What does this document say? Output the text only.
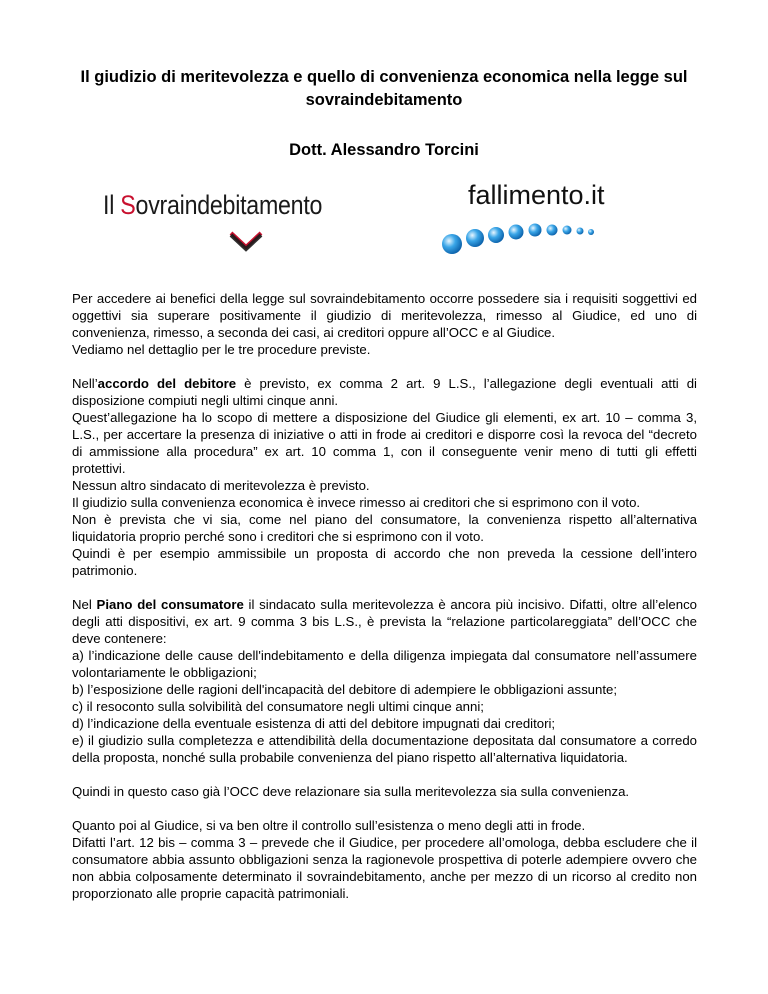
Il giudizio di meritevolezza e quello di convenienza economica nella legge sul sovraindebitamento
Dott. Alessandro Torcini
Il Sovraindebitamento	fallimento.it

Per accedere ai benefici della legge sul sovraindebitamento occorre possedere sia i requisiti soggettivi ed oggettivi sia superare positivamente il giudizio di meritevolezza, rimesso al Giudice, ed uno di convenienza, rimesso, a seconda dei casi, ai creditori oppure all’OCC e al Giudice.
Vediamo nel dettaglio per le tre procedure previste.

Nell’accordo del debitore è previsto, ex comma 2 art. 9 L.S., l’allegazione degli eventuali atti di disposizione compiuti negli ultimi cinque anni.
Quest’allegazione ha lo scopo di mettere a disposizione del Giudice gli elementi, ex art. 10 – comma 3, L.S., per accertare la presenza di iniziative o atti in frode ai creditori e disporre così la revoca del “decreto di ammissione alla procedura” ex art. 10 comma 1, con il conseguente venir meno di tutti gli effetti protettivi.
Nessun altro sindacato di meritevolezza è previsto.
Il giudizio sulla convenienza economica è invece rimesso ai creditori che si esprimono con il voto.
Non è prevista che vi sia, come nel piano del consumatore, la convenienza rispetto all’alternativa liquidatoria proprio perché sono i creditori che si esprimono con il voto.
Quindi è per esempio ammissibile un proposta di accordo che non preveda la cessione dell’intero patrimonio.

Nel Piano del consumatore il sindacato sulla meritevolezza è ancora più incisivo. Difatti, oltre all’elenco degli atti dispositivi, ex art. 9 comma 3 bis L.S., è prevista la “relazione particolareggiata” dell’OCC che deve contenere:
a) l’indicazione delle cause dell'indebitamento e della diligenza impiegata dal consumatore nell’assumere volontariamente le obbligazioni;
b) l’esposizione delle ragioni dell'incapacità del debitore di adempiere le obbligazioni assunte;
c) il resoconto sulla solvibilità del consumatore negli ultimi cinque anni;
d) l’indicazione della eventuale esistenza di atti del debitore impugnati dai creditori;
e) il giudizio sulla completezza e attendibilità della documentazione depositata dal consumatore a corredo della proposta, nonché sulla probabile convenienza del piano rispetto all’alternativa liquidatoria.

Quindi in questo caso già l’OCC deve relazionare sia sulla meritevolezza sia sulla convenienza.

Quanto poi al Giudice, si va ben oltre il controllo sull’esistenza o meno degli atti in frode.
Difatti l’art. 12 bis – comma 3 – prevede che il Giudice, per procedere all’omologa, debba escludere che il consumatore abbia assunto obbligazioni senza la ragionevole prospettiva di poterle adempiere ovvero che non abbia colposamente determinato il sovraindebitamento, anche per mezzo di un ricorso al credito non proporzionato alle proprie capacità patrimoniali.
